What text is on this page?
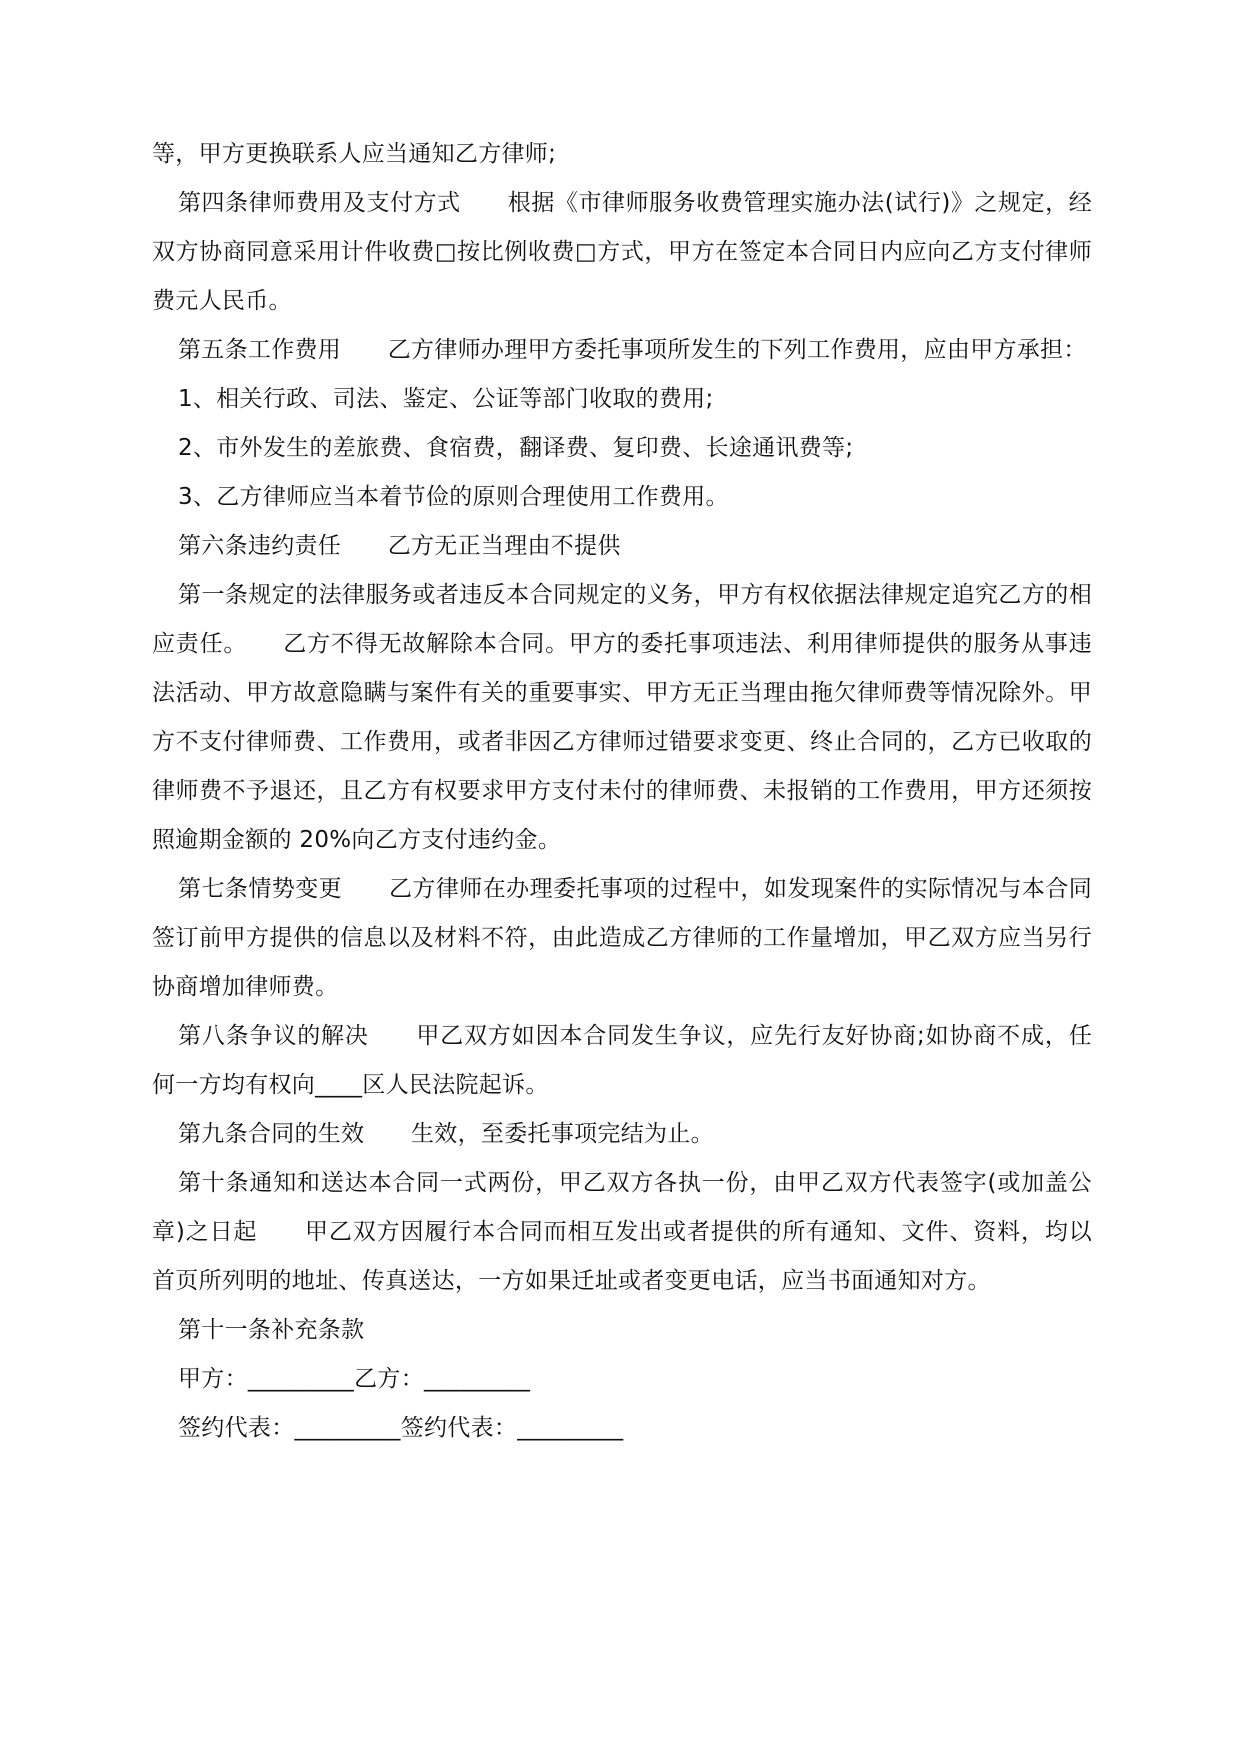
等，甲方更换联系人应当通知乙方律师;

第四条律师费用及支付方式　　根据《市律师服务收费管理实施办法(试行)》之规定，经双方协商同意采用计件收费□按比例收费□方式，甲方在签定本合同日内应向乙方支付律师费元人民币。

第五条工作费用　　乙方律师办理甲方委托事项所发生的下列工作费用，应由甲方承担：

1、相关行政、司法、鉴定、公证等部门收取的费用;

2、市外发生的差旅费、食宿费，翻译费、复印费、长途通讯费等;

3、乙方律师应当本着节俭的原则合理使用工作费用。

第六条违约责任　　乙方无正当理由不提供

第一条规定的法律服务或者违反本合同规定的义务，甲方有权依据法律规定追究乙方的相应责任。　　乙方不得无故解除本合同。甲方的委托事项违法、利用律师提供的服务从事违法活动、甲方故意隐瞒与案件有关的重要事实、甲方无正当理由拖欠律师费等情况除外。甲方不支付律师费、工作费用，或者非因乙方律师过错要求变更、终止合同的，乙方已收取的律师费不予退还，且乙方有权要求甲方支付未付的律师费、未报销的工作费用，甲方还须按照逾期金额的 20%向乙方支付违约金。

第七条情势变更　　乙方律师在办理委托事项的过程中，如发现案件的实际情况与本合同签订前甲方提供的信息以及材料不符，由此造成乙方律师的工作量增加，甲乙双方应当另行协商增加律师费。

第八条争议的解决　　甲乙双方如因本合同发生争议，应先行友好协商;如协商不成，任何一方均有权向____区人民法院起诉。

第九条合同的生效　　生效，至委托事项完结为止。

第十条通知和送达本合同一式两份，甲乙双方各执一份，由甲乙双方代表签字(或加盖公章)之日起　　甲乙双方因履行本合同而相互发出或者提供的所有通知、文件、资料，均以首页所列明的地址、传真送达，一方如果迁址或者变更电话，应当书面通知对方。

第十一条补充条款

甲方：_________乙方：_________

签约代表：_________签约代表：_________
